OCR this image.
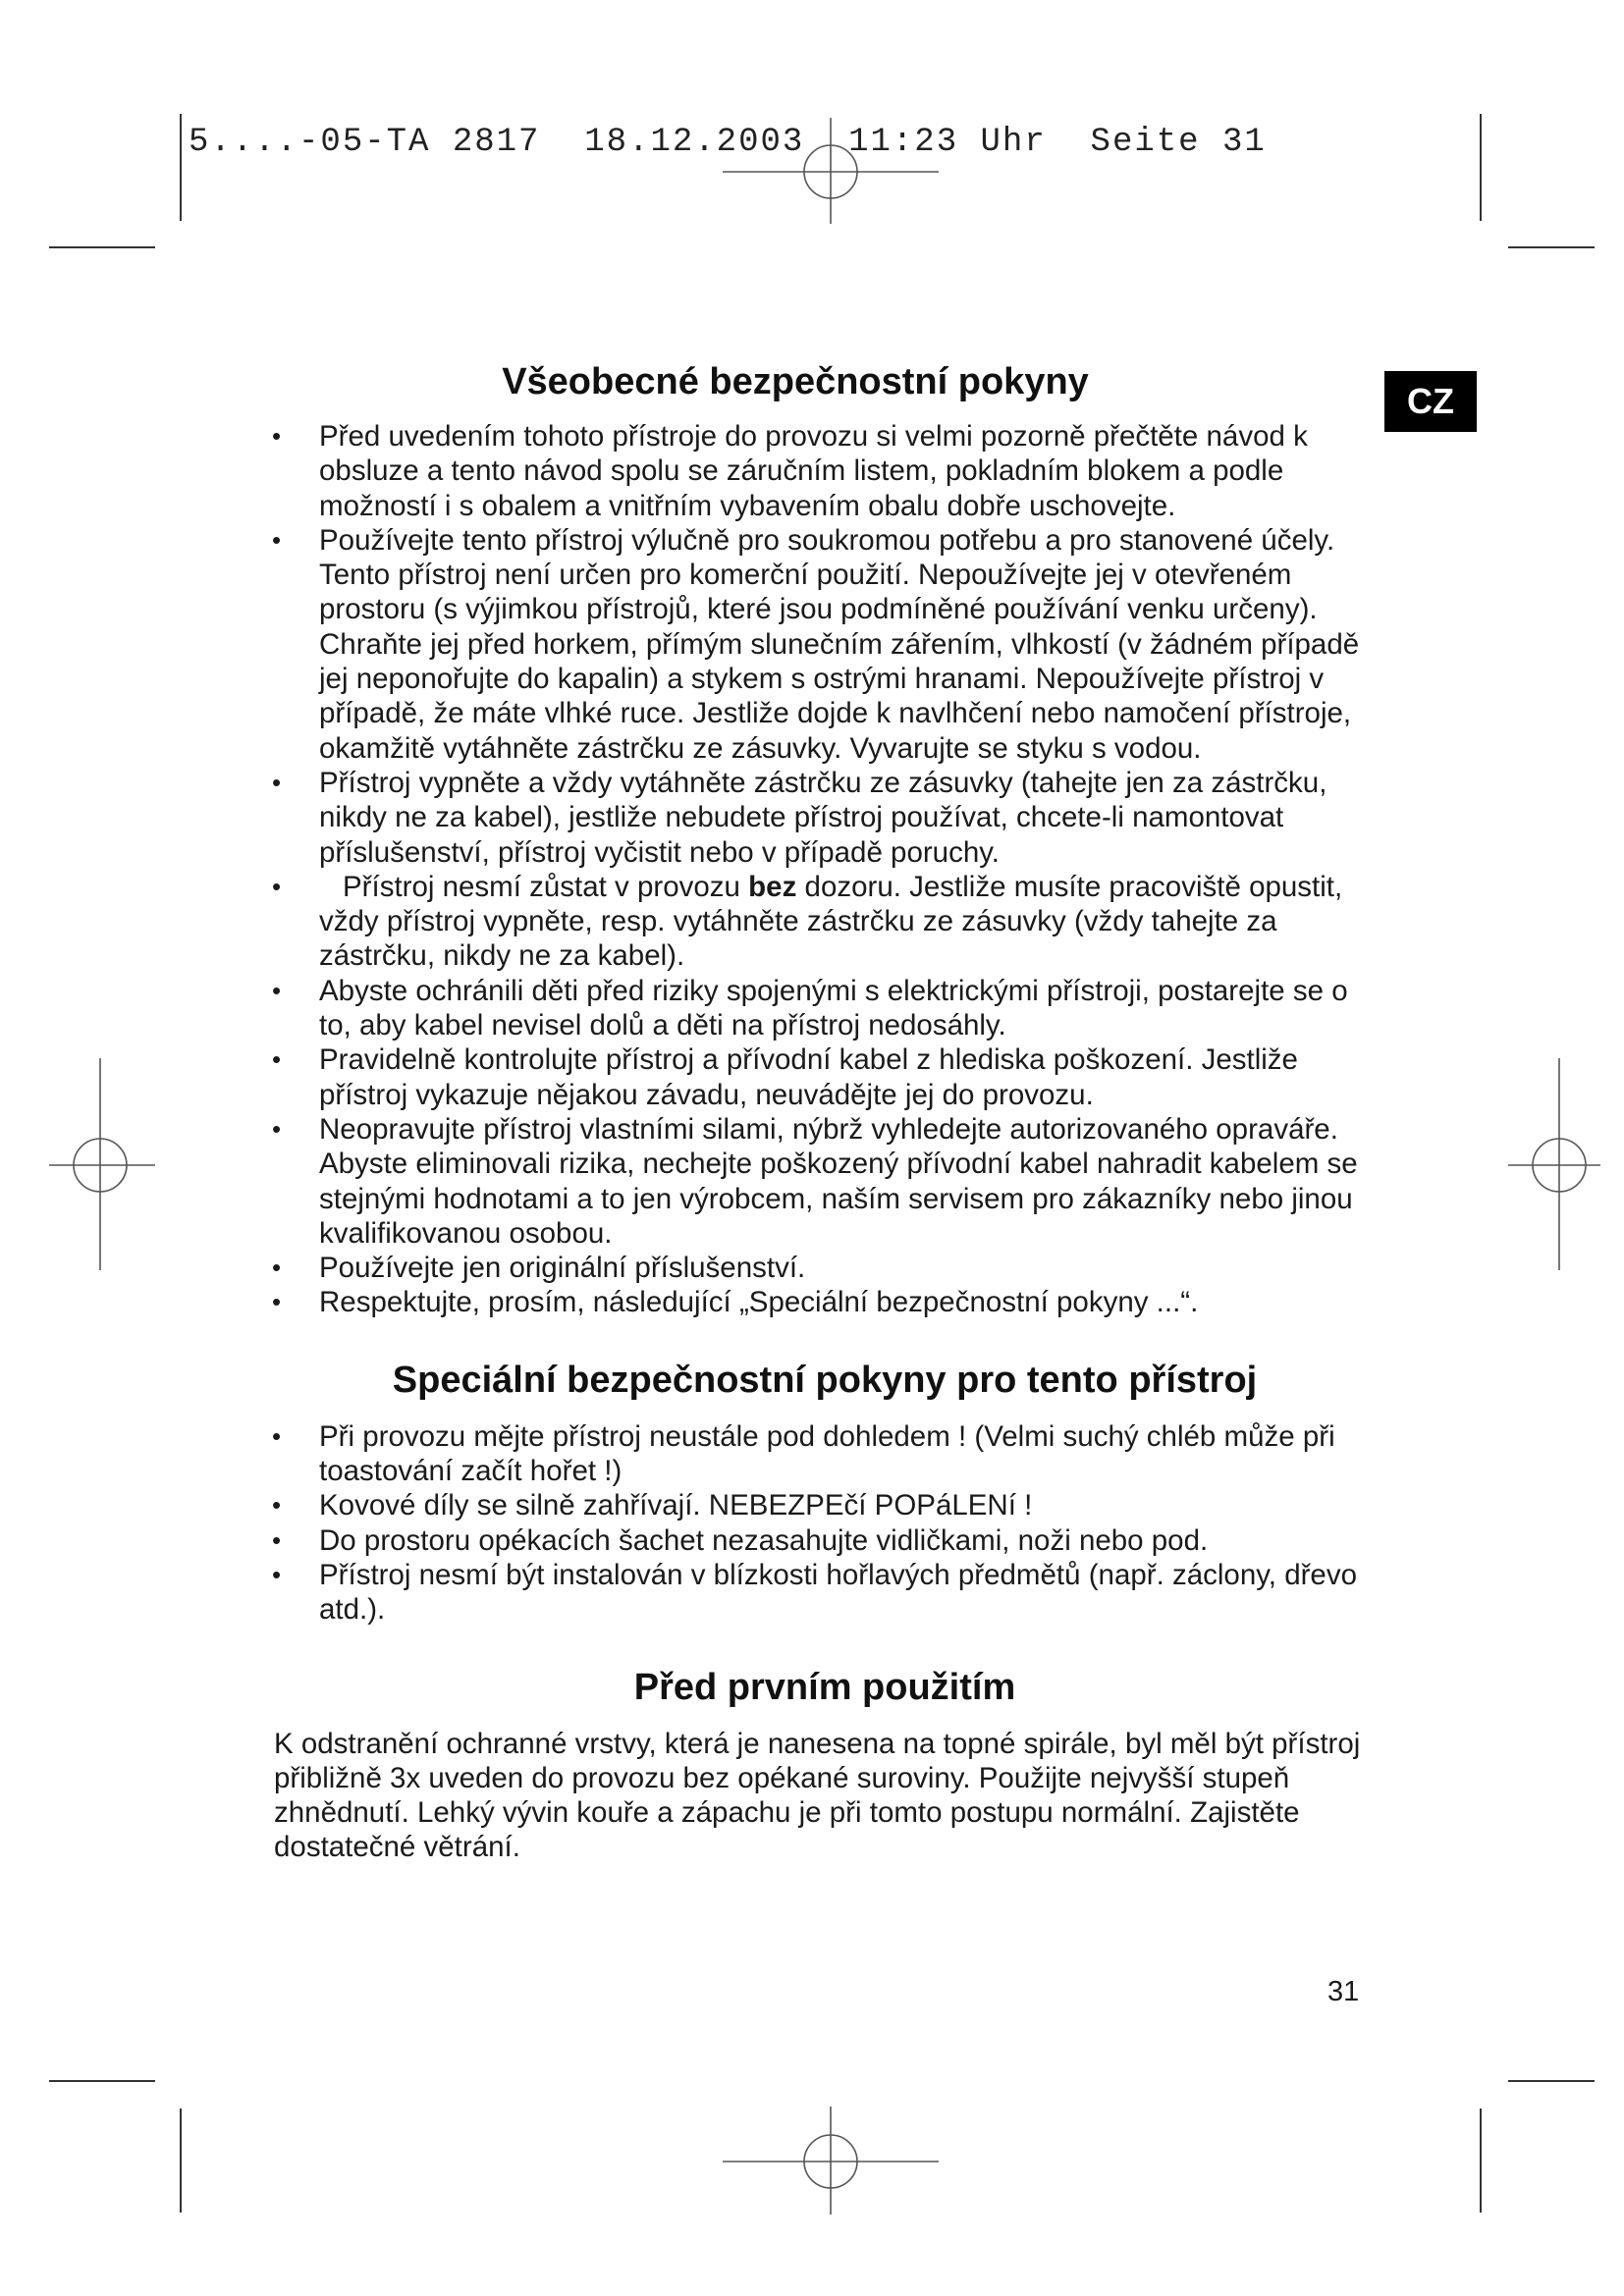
5....-05-TA 2817  18.12.2003  11:23 Uhr  Seite 31
CZ
Všeobecné bezpečnostní pokyny
• Před uvedením tohoto přístroje do provozu si velmi pozorně přečtěte návod k obsluze a tento návod spolu se záručním listem, pokladním blokem a podle možností i s obalem a vnitřním vybavením obalu dobře uschovejte.
• Používejte tento přístroj výlučně pro soukromou potřebu a pro stanovené účely. Tento přístroj není určen pro komerční použití. Nepoužívejte jej v otevřeném prostoru (s výjimkou přístrojů, které jsou podmíněné používání venku určeny). Chraňte jej před horkem, přímým slunečním zářením, vlhkostí (v žádném případě jej neponořujte do kapalin) a stykem s ostrými hranami. Nepoužívejte přístroj v případě, že máte vlhké ruce. Jestliže dojde k navlhčení nebo namočení přístroje, okamžitě vytáhněte zástrčku ze zásuvky. Vyvarujte se styku s vodou.
• Přístroj vypněte a vždy vytáhněte zástrčku ze zásuvky (tahejte jen za zástrčku, nikdy ne za kabel), jestliže nebudete přístroj používat, chcete-li namontovat příslušenství, přístroj vyčistit nebo v případě poruchy.
• Přístroj nesmí zůstat v provozu bez dozoru. Jestliže musíte pracoviště opustit, vždy přístroj vypněte, resp. vytáhněte zástrčku ze zásuvky (vždy tahejte za zástrčku, nikdy ne za kabel).
• Abyste ochránili děti před riziky spojenými s elektrickými přístroji, postarejte se o to, aby kabel nevisel dolů a děti na přístroj nedosáhly.
• Pravidelně kontrolujte přístroj a přívodní kabel z hlediska poškození. Jestliže přístroj vykazuje nějakou závadu, neuvádějte jej do provozu.
• Neopravujte přístroj vlastními silami, nýbrž vyhledejte autorizovaného opraváře. Abyste eliminovali rizika, nechejte poškozený přívodní kabel nahradit kabelem se stejnými hodnotami a to jen výrobcem, naším servisem pro zákazníky nebo jinou kvalifikovanou osobou.
• Používejte jen originální příslušenství.
• Respektujte, prosím, následující „Speciální bezpečnostní pokyny ...“.
Speciální bezpečnostní pokyny pro tento přístroj
• Při provozu mějte přístroj neustále pod dohledem ! (Velmi suchý chléb může při toastování začít hořet !)
• Kovové díly se silně zahřívají. NEBEZPEčí POPáLENí !
• Do prostoru opékacích šachet nezasahujte vidličkami, noži nebo pod.
• Přístroj nesmí být instalován v blízkosti hořlavých předmětů (např. záclony, dřevo atd.).
Před prvním použitím

K odstranění ochranné vrstvy, která je nanesena na topné spirále, byl měl být přístroj přibližně 3x uveden do provozu bez opékané suroviny. Použijte nejvyšší stupeň zhnědnutí. Lehký vývin kouře a zápachu je při tomto postupu normální. Zajistěte dostatečné větrání.

31
